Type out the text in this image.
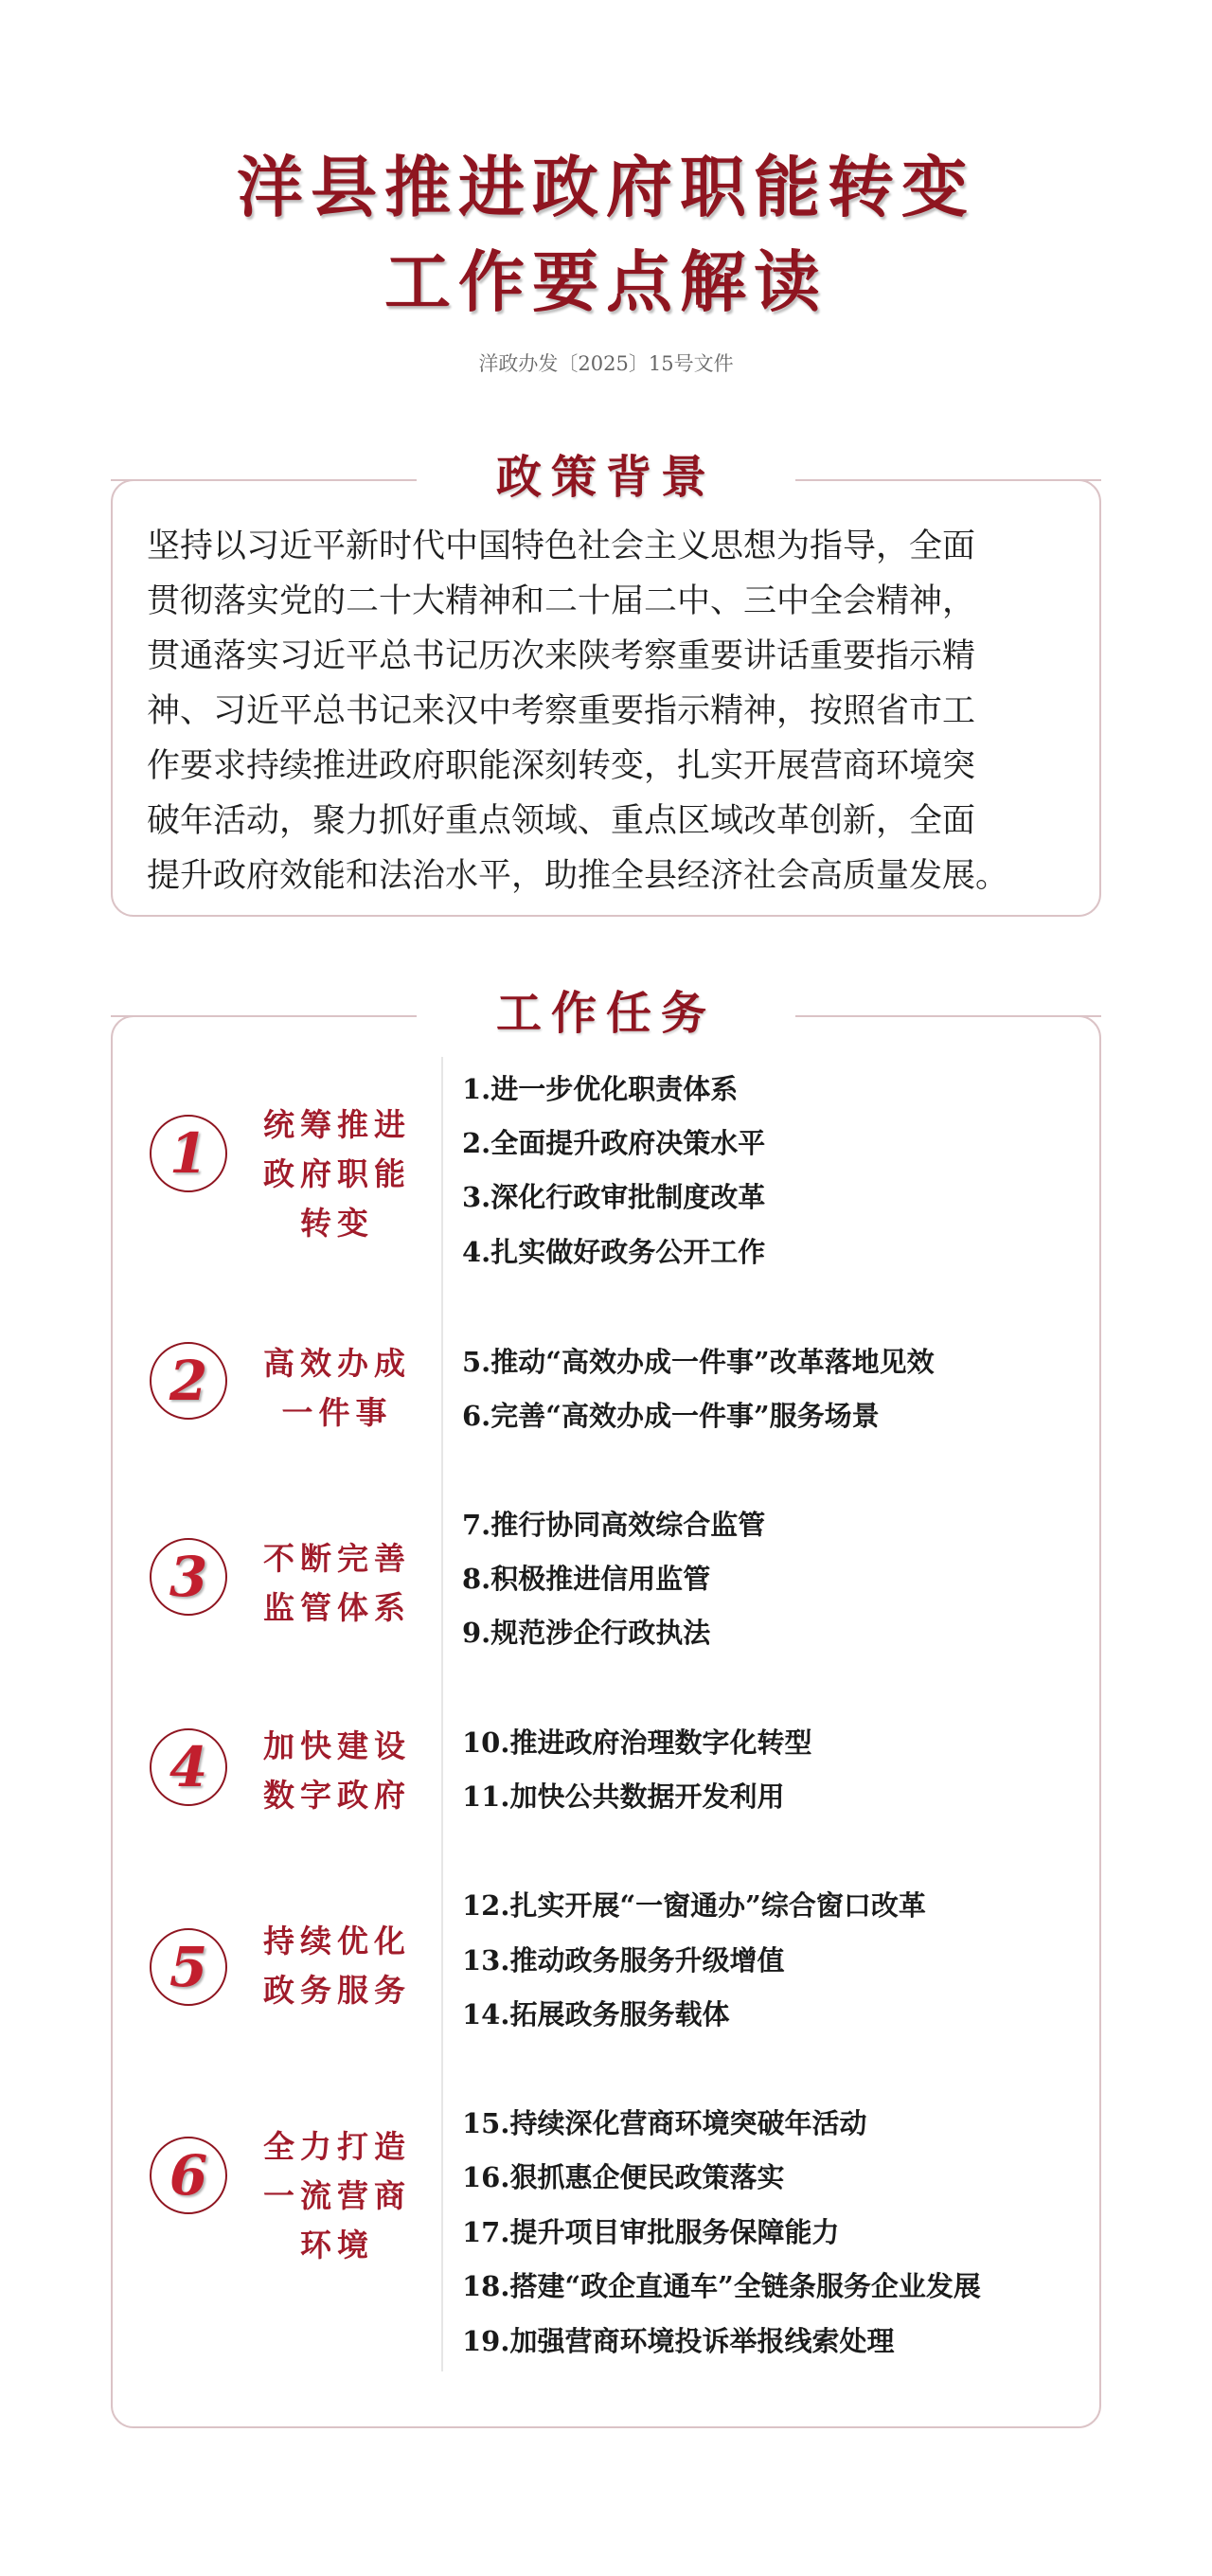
洋县推进政府职能转变
工作要点解读
洋政办发〔2025〕15号文件
政策背景
坚持以习近平新时代中国特色社会主义思想为指导，全面
贯彻落实党的二十大精神和二十届二中、三中全会精神，
贯通落实习近平总书记历次来陕考察重要讲话重要指示精
神、习近平总书记来汉中考察重要指示精神，按照省市工
作要求持续推进政府职能深刻转变，扎实开展营商环境突
破年活动，聚力抓好重点领域、重点区域改革创新，全面
提升政府效能和法治水平，助推全县经济社会高质量发展。
工作任务
1	统筹推进政府职能转变
1.进一步优化职责体系
2.全面提升政府决策水平
3.深化行政审批制度改革
4.扎实做好政务公开工作
2	高效办成一件事
5.推动“高效办成一件事”改革落地见效
6.完善“高效办成一件事”服务场景
3	不断完善监管体系
7.推行协同高效综合监管
8.积极推进信用监管
9.规范涉企行政执法
4	加快建设数字政府
10.推进政府治理数字化转型
11.加快公共数据开发利用
5	持续优化政务服务
12.扎实开展“一窗通办”综合窗口改革
13.推动政务服务升级增值
14.拓展政务服务载体
6	全力打造一流营商环境
15.持续深化营商环境突破年活动
16.狠抓惠企便民政策落实
17.提升项目审批服务保障能力
18.搭建“政企直通车”全链条服务企业发展
19.加强营商环境投诉举报线索处理
